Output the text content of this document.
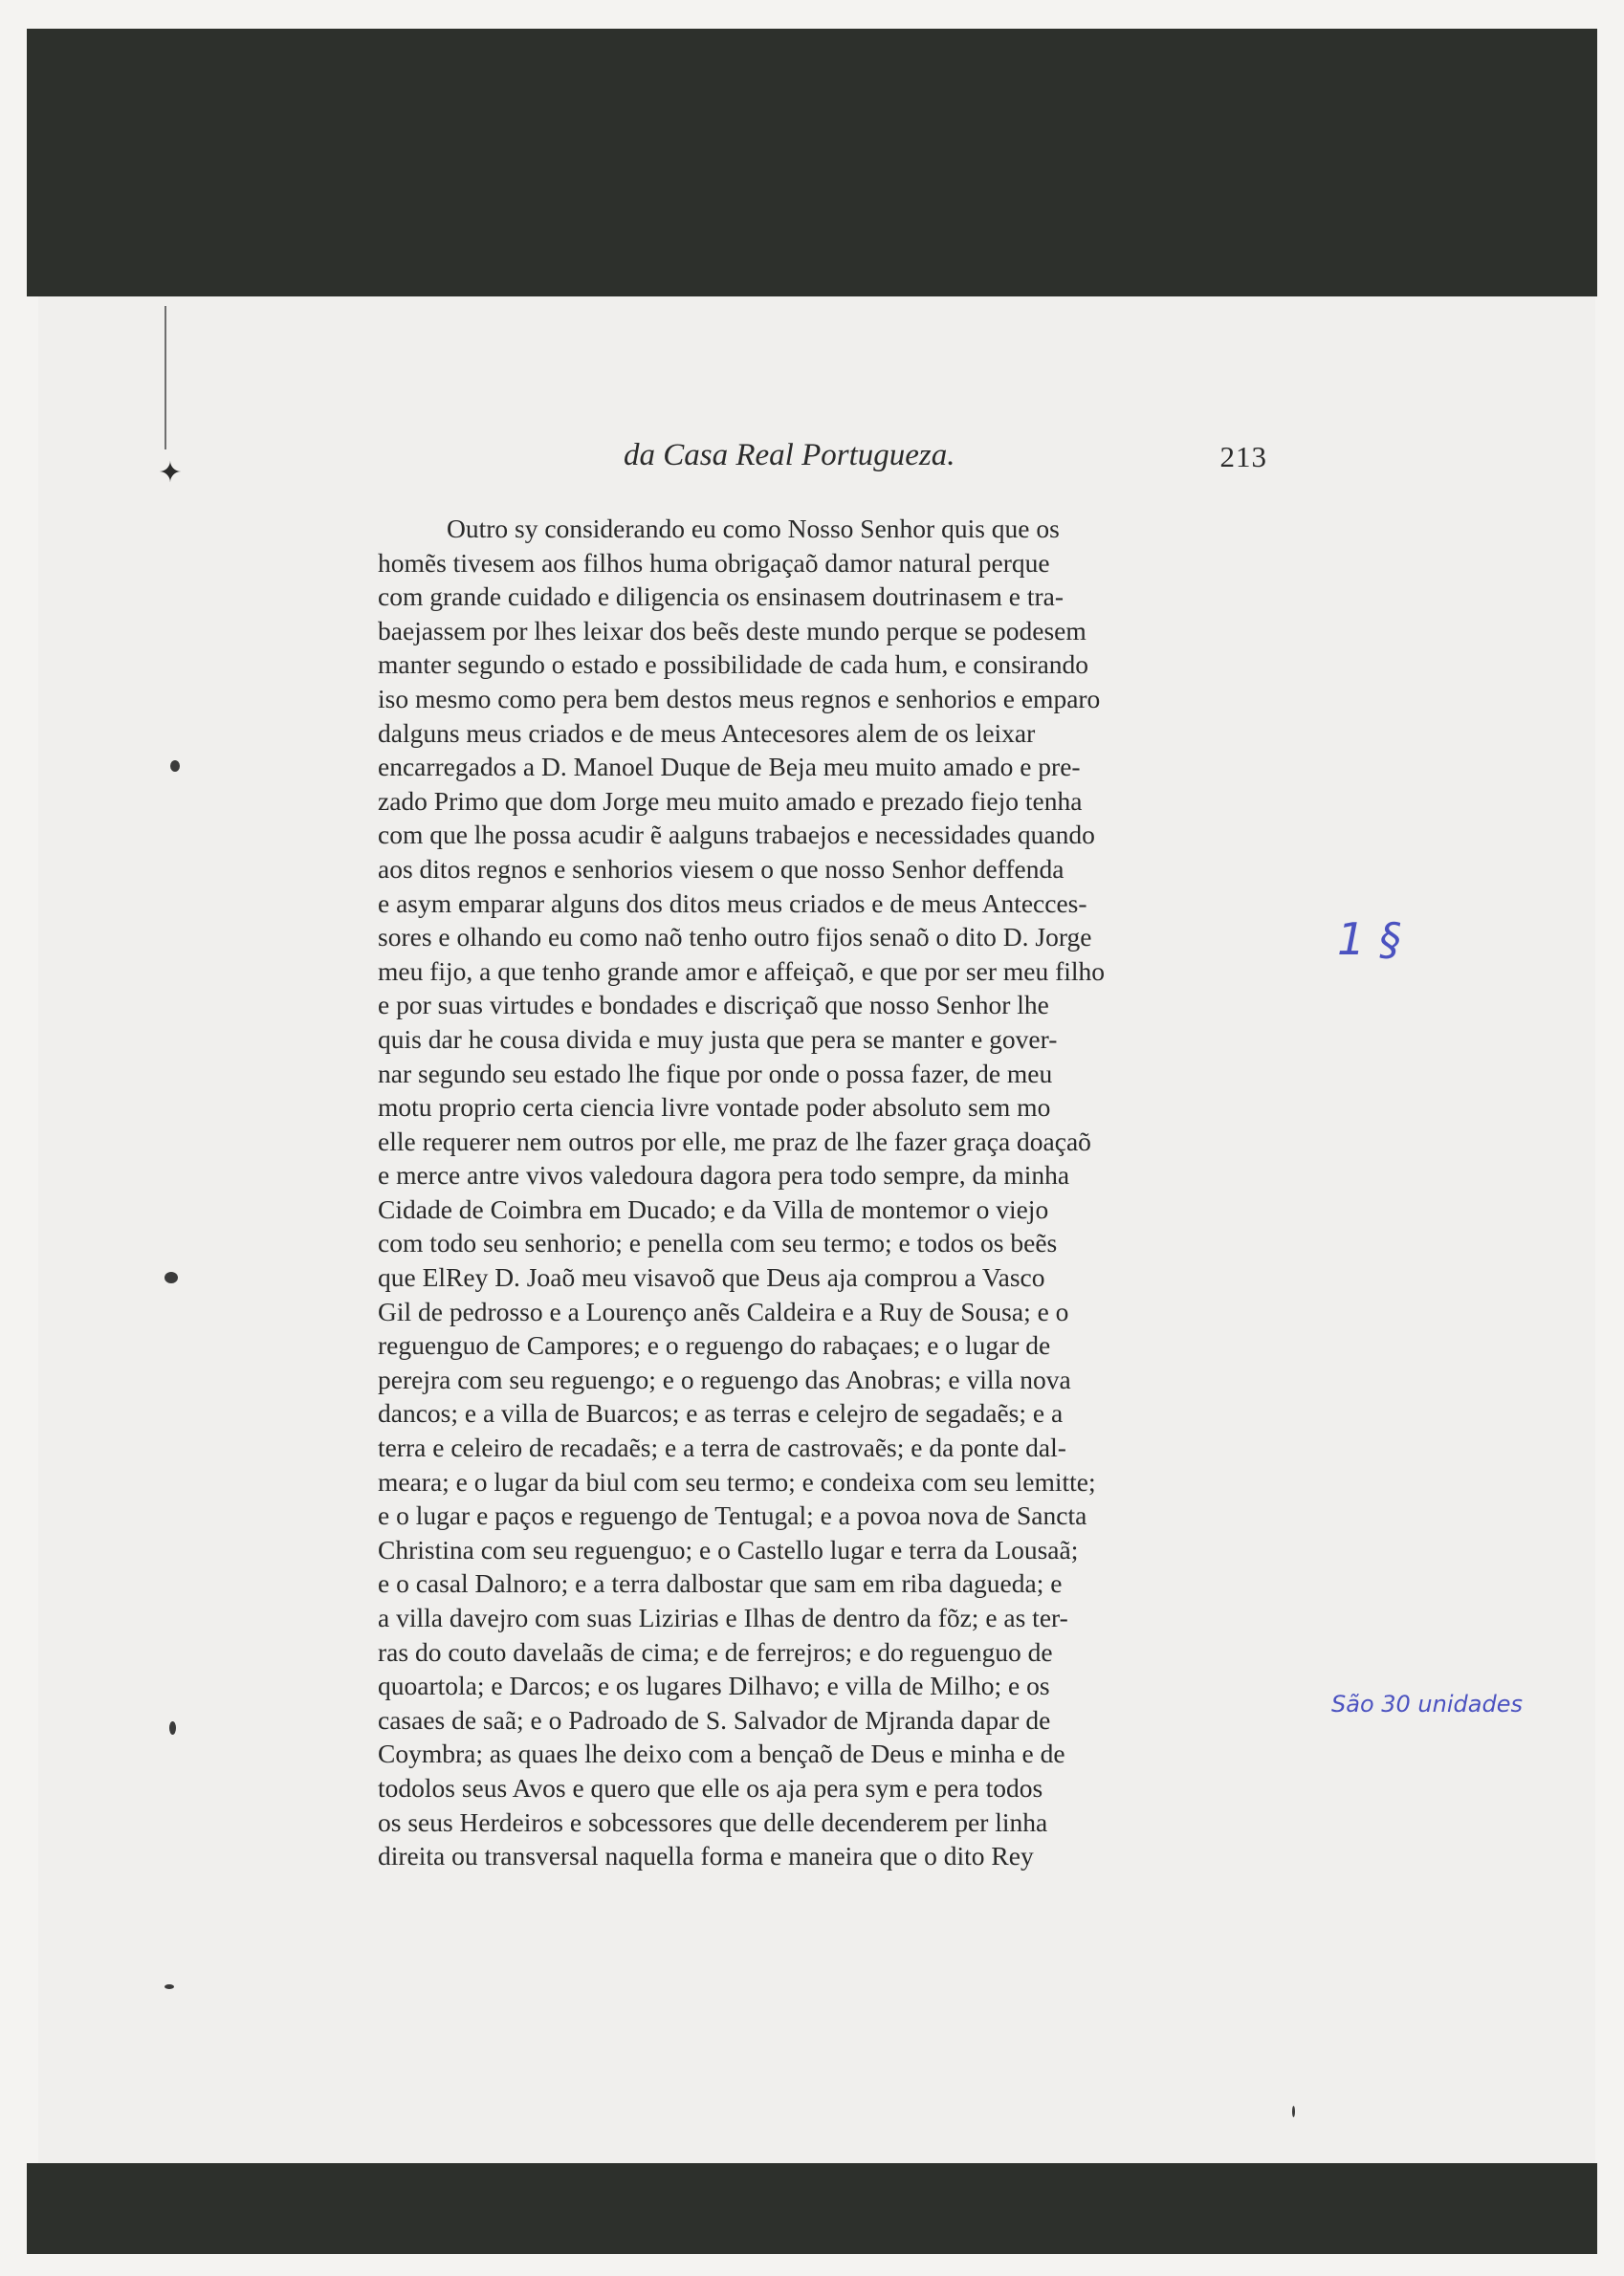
✦
da Casa Real Portugueza.	213
Outro sy considerando eu como Nosso Senhor quis que os
homẽs tivesem aos filhos huma obrigaçaõ damor natural perque
com grande cuidado e diligencia os ensinasem doutrinasem e tra-
baejassem por lhes leixar dos beẽs deste mundo perque se podesem
manter segundo o estado e possibilidade de cada hum, e consirando
iso mesmo como pera bem destos meus regnos e senhorios e emparo
dalguns meus criados e de meus Antecesores alem de os leixar
encarregados a D. Manoel Duque de Beja meu muito amado e pre-
zado Primo que dom Jorge meu muito amado e prezado fiejo tenha
com que lhe possa acudir ẽ aalguns trabaejos e necessidades quando
aos ditos regnos e senhorios viesem o que nosso Senhor deffenda
e asym emparar alguns dos ditos meus criados e de meus Antecces-
sores e olhando eu como naõ tenho outro fijos senaõ o dito D. Jorge
meu fijo, a que tenho grande amor e affeiçaõ, e que por ser meu filho
e por suas virtudes e bondades e discriçaõ que nosso Senhor lhe
quis dar he cousa divida e muy justa que pera se manter e gover-
nar segundo seu estado lhe fique por onde o possa fazer, de meu
motu proprio certa ciencia livre vontade poder absoluto sem mo
elle requerer nem outros por elle, me praz de lhe fazer graça doaçaõ
e merce antre vivos valedoura dagora pera todo sempre, da minha
Cidade de Coimbra em Ducado; e da Villa de montemor o viejo
com todo seu senhorio; e penella com seu termo; e todos os beẽs
que ElRey D. Joaõ meu visavoõ que Deus aja comprou a Vasco
Gil de pedrosso e a Lourenço anẽs Caldeira e a Ruy de Sousa; e o
reguenguo de Campores; e o reguengo do rabaçaes; e o lugar de
perejra com seu reguengo; e o reguengo das Anobras; e villa nova
dancos; e a villa de Buarcos; e as terras e celejro de segadaẽs; e a
terra e celeiro de recadaẽs; e a terra de castrovaẽs; e da ponte dal-
meara; e o lugar da biul com seu termo; e condeixa com seu lemitte;
e o lugar e paços e reguengo de Tentugal; e a povoa nova de Sancta
Christina com seu reguenguo; e o Castello lugar e terra da Lousaã;
e o casal Dalnoro; e a terra dalbostar que sam em riba dagueda; e
a villa davejro com suas Lizirias e Ilhas de dentro da fõz; e as ter-
ras do couto davelaãs de cima; e de ferrejros; e do reguenguo de
quoartola; e Darcos; e os lugares Dilhavo; e villa de Milho; e os
casaes de saã; e o Padroado de S. Salvador de Mjranda dapar de
Coymbra; as quaes lhe deixo com a bençaõ de Deus e minha e de
todolos seus Avos e quero que elle os aja pera sym e pera todos
os seus Herdeiros e sobcessores que delle decenderem per linha
direita ou transversal naquella forma e maneira que o dito Rey
1 §
São 30 unidades
